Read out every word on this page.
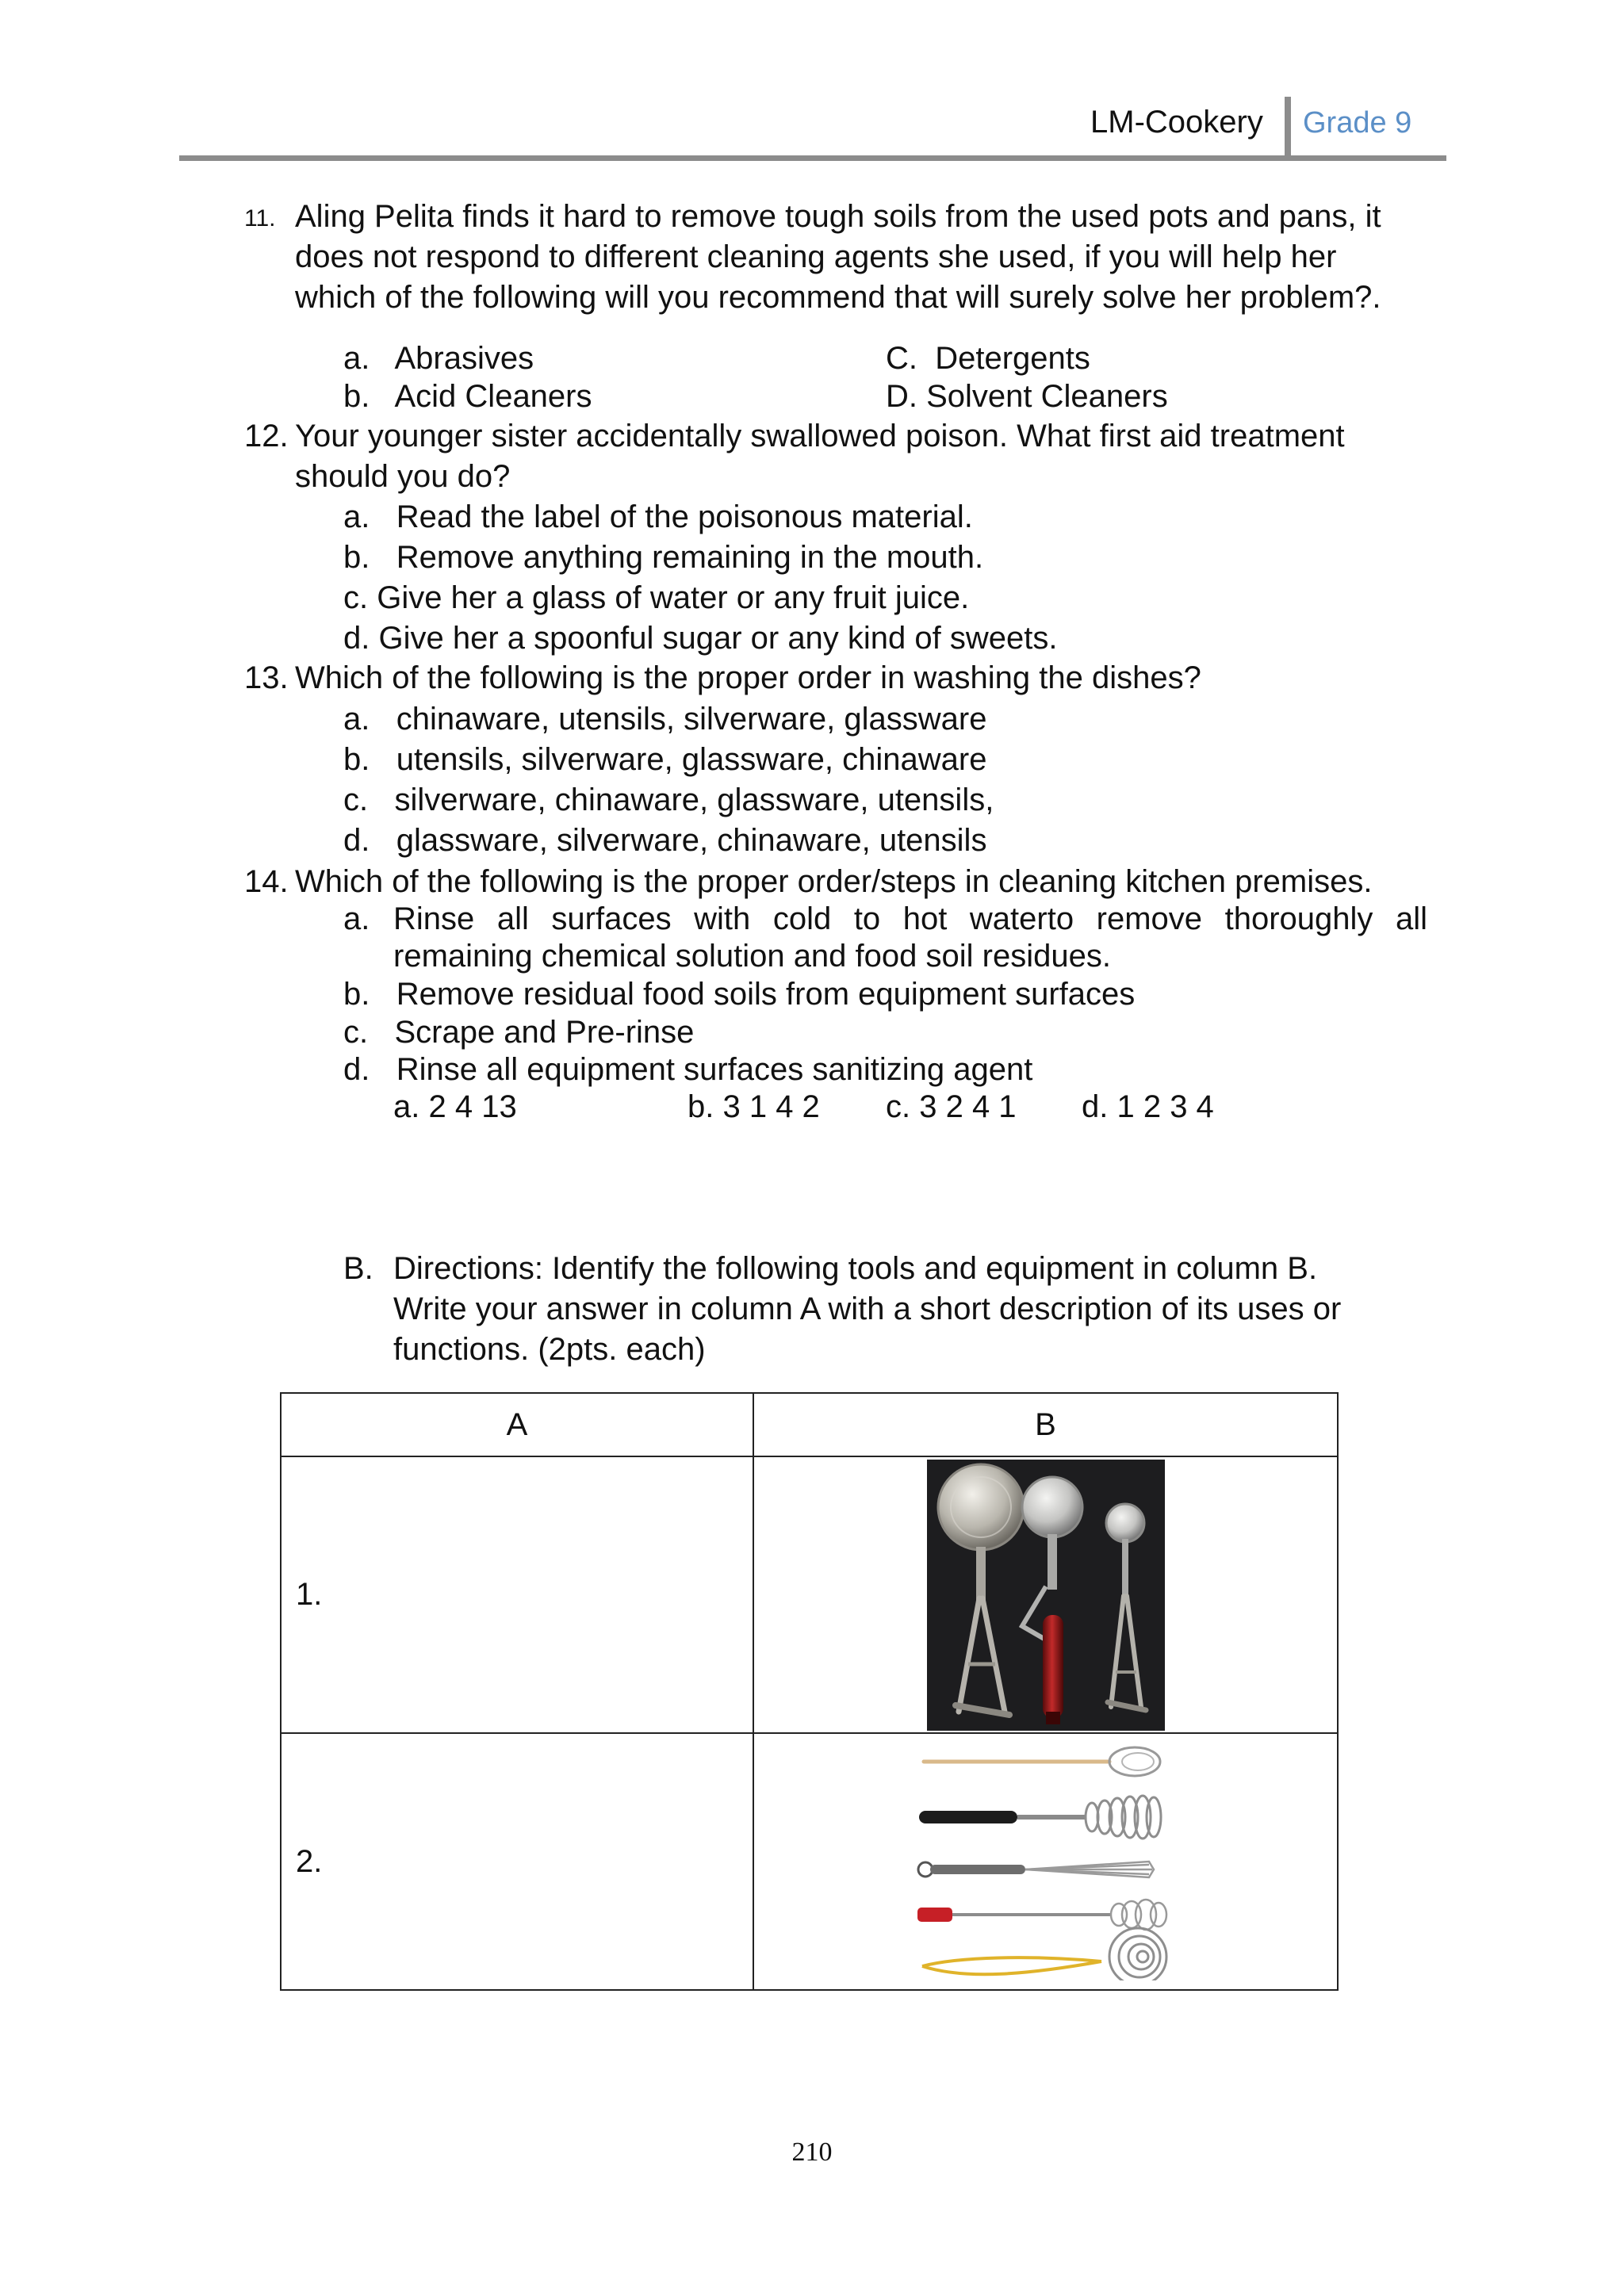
LM-Cookery Grade 9
11. Aling Pelita finds it hard to remove tough soils from the used pots and pans, it
does not respond to different cleaning agents she used, if you will help her
which of the following will you recommend that will surely solve her problem?.
a.   Abrasives	C.  Detergents
b.   Acid Cleaners	D. Solvent Cleaners
12. Your younger sister accidentally swallowed poison. What first aid treatment
should you do?
a.   Read the label of the poisonous material.
b.   Remove anything remaining in the mouth.
c. Give her a glass of water or any fruit juice.
d. Give her a spoonful sugar or any kind of sweets.
13. Which of the following is the proper order in washing the dishes?
a.   chinaware, utensils, silverware, glassware
b.   utensils, silverware, glassware, chinaware
c.   silverware, chinaware, glassware, utensils,
d.   glassware, silverware, chinaware, utensils
14. Which of the following is the proper order/steps in cleaning kitchen premises.
a. Rinse all surfaces with cold to hot waterto remove thoroughly all
remaining chemical solution and food soil residues.
b.   Remove residual food soils from equipment surfaces
c.   Scrape and Pre-rinse
d.   Rinse all equipment surfaces sanitizing agent
a. 2 4 13	b. 3 1 4 2 c. 3 2 4 1 d. 1 2 3 4
B. Directions: Identify the following tools and equipment in column B.
Write your answer in column A with a short description of its uses or
functions. (2pts. each)
A	B
1.	

2.	
210
